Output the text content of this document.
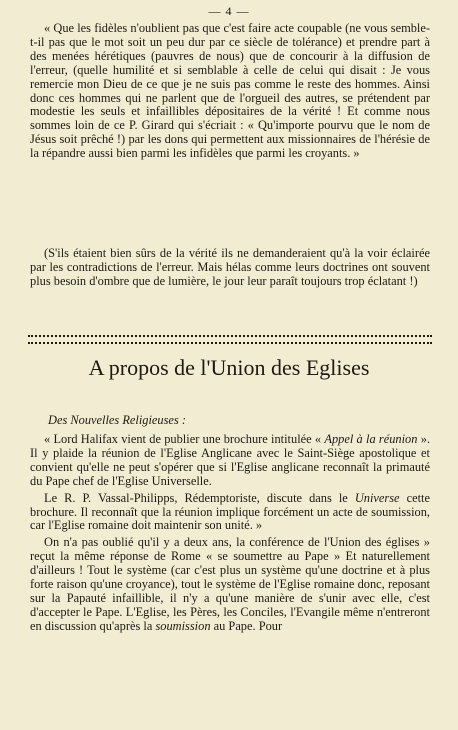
— 4 —

« Que les fidèles n'oublient pas que c'est faire acte coupable (ne vous semble-t-il pas que le mot soit un peu dur par ce siècle de tolérance) et prendre part à des menées hérétiques (pauvres de nous) que de concourir à la diffusion de l'erreur, (quelle humilité et si semblable à celle de celui qui disait : Je vous remercie mon Dieu de ce que je ne suis pas comme le reste des hommes. Ainsi donc ces hommes qui ne parlent que de l'orgueil des autres, se prétendent par modestie les seuls et infaillibles dépositaires de la vérité ! Et comme nous sommes loin de ce P. Girard qui s'écriait : « Qu'importe pourvu que le nom de Jésus soit prêché !) par les dons qui permettent aux missionnaires de l'hérésie de la répandre aussi bien parmi les infidèles que parmi les croyants. »

(S'ils étaient bien sûrs de la vérité ils ne demanderaient qu'à la voir éclairée par les contradictions de l'erreur. Mais hélas comme leurs doctrines ont souvent plus besoin d'ombre que de lumière, le jour leur paraît toujours trop éclatant !)

A propos de l'Union des Eglises
Des Nouvelles Religieuses :

« Lord Halifax vient de publier une brochure intitulée « Appel à la réunion ». Il y plaide la réunion de l'Eglise Anglicane avec le Saint-Siège apostolique et convient qu'elle ne peut s'opérer que si l'Eglise anglicane reconnaît la primauté du Pape chef de l'Eglise Universelle.

Le R. P. Vassal-Philipps, Rédemptoriste, discute dans le Universe cette brochure. Il reconnaît que la réunion implique forcément un acte de soumission, car l'Eglise romaine doit maintenir son unité. »

On n'a pas oublié qu'il y a deux ans, la conférence de l'Union des églises » reçut la même réponse de Rome « se soumettre au Pape » Et naturellement d'ailleurs ! Tout le système (car c'est plus un système qu'une doctrine et à plus forte raison qu'une croyance), tout le système de l'Eglise romaine donc, reposant sur la Papauté infaillible, il n'y a qu'une manière de s'unir avec elle, c'est d'accepter le Pape. L'Eglise, les Pères, les Conciles, l'Evangile même n'entreront en discussion qu'après la soumission au Pape. Pour
